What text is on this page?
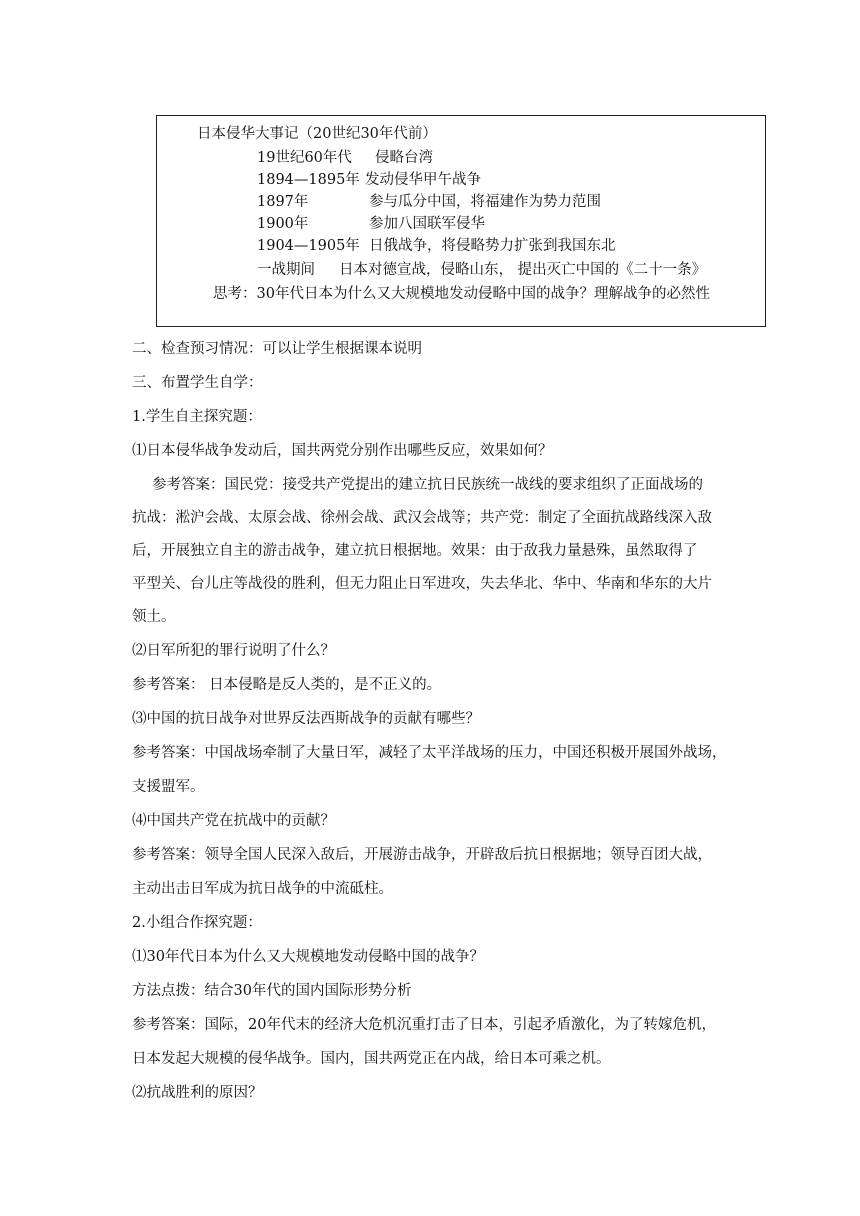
日本侵华大事记（20世纪30年代前）
19世纪60年代 侵略台湾
1894—1895年 发动侵华甲午战争
1897年	参与瓜分中国，将福建作为势力范围
1900年	参加八国联军侵华
1904—1905年 日俄战争，将侵略势力扩张到我国东北
一战期间 日本对德宣战，侵略山东， 提出灭亡中国的《二十一条》
思考：30年代日本为什么又大规模地发动侵略中国的战争？理解战争的必然性
二、检查预习情况：可以让学生根据课本说明
三、布置学生自学：
1.学生自主探究题：
⑴日本侵华战争发动后，国共两党分别作出哪些反应，效果如何？
参考答案：国民党：接受共产党提出的建立抗日民族统一战线的要求组织了正面战场的
抗战：淞沪会战、太原会战、徐州会战、武汉会战等；共产党：制定了全面抗战路线深入敌
后，开展独立自主的游击战争，建立抗日根据地。效果：由于敌我力量悬殊，虽然取得了
平型关、台儿庄等战役的胜利，但无力阻止日军进攻，失去华北、华中、华南和华东的大片
领土。
⑵日军所犯的罪行说明了什么？
参考答案： 日本侵略是反人类的，是不正义的。
⑶中国的抗日战争对世界反法西斯战争的贡献有哪些？
参考答案：中国战场牵制了大量日军，减轻了太平洋战场的压力，中国还积极开展国外战场，
支援盟军。
⑷中国共产党在抗战中的贡献？
参考答案：领导全国人民深入敌后，开展游击战争，开辟敌后抗日根据地；领导百团大战，
主动出击日军成为抗日战争的中流砥柱。
2.小组合作探究题：
⑴30年代日本为什么又大规模地发动侵略中国的战争？
方法点拨：结合30年代的国内国际形势分析
参考答案：国际，20年代末的经济大危机沉重打击了日本，引起矛盾激化，为了转嫁危机，
日本发起大规模的侵华战争。国内，国共两党正在内战，给日本可乘之机。
⑵抗战胜利的原因？
